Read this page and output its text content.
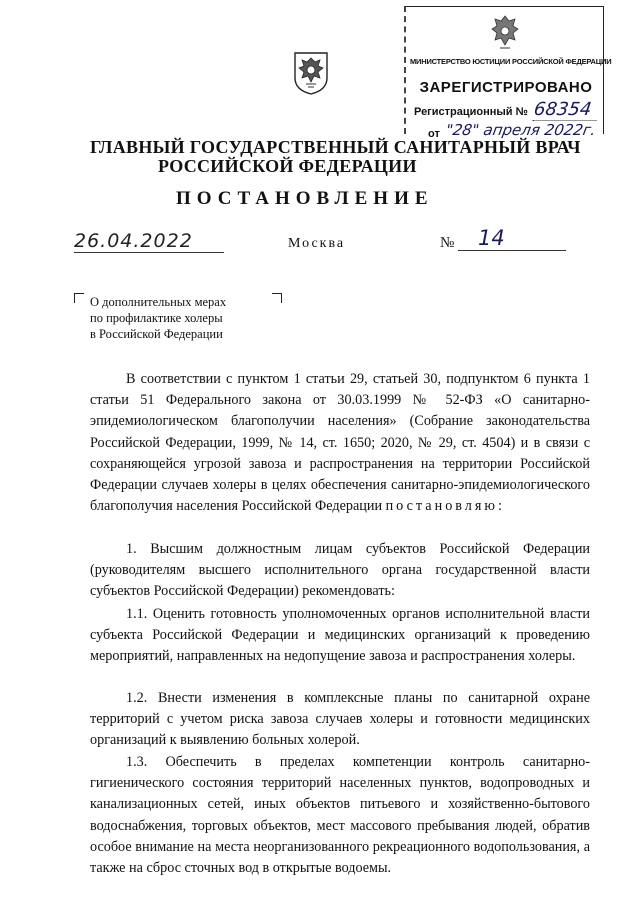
МИНИСТЕРСТВО ЮСТИЦИИ РОССИЙСКОЙ ФЕДЕРАЦИИ
ЗАРЕГИСТРИРОВАНО
Регистрационный № 68354
от "28" апреля 2022г.
ГЛАВНЫЙ ГОСУДАРСТВЕННЫЙ САНИТАРНЫЙ ВРАЧ
РОССИЙСКОЙ ФЕДЕРАЦИИ
ПОСТАНОВЛЕНИЕ
26.04.2022	Москва	№	14
О дополнительных мерах
по профилактике холеры
в Российской Федерации

В соответствии с пунктом 1 статьи 29, статьей 30, подпунктом 6 пункта 1 статьи 51 Федерального закона от 30.03.1999 № 52-ФЗ «О санитарно-эпидемиологическом благополучии населения» (Собрание законодательства Российской Федерации, 1999, № 14, ст. 1650; 2020, № 29, ст. 4504) и в связи с сохраняющейся угрозой завоза и распространения на территории Российской Федерации случаев холеры в целях обеспечения санитарно-эпидемиологического благополучия населения Российской Федерации постановляю:

1. Высшим должностным лицам субъектов Российской Федерации (руководителям высшего исполнительного органа государственной власти субъектов Российской Федерации) рекомендовать:

1.1. Оценить готовность уполномоченных органов исполнительной власти субъекта Российской Федерации и медицинских организаций к проведению мероприятий, направленных на недопущение завоза и распространения холеры.

1.2. Внести изменения в комплексные планы по санитарной охране территорий с учетом риска завоза случаев холеры и готовности медицинских организаций к выявлению больных холерой.

1.3. Обеспечить в пределах компетенции контроль санитарно-гигиенического состояния территорий населенных пунктов, водопроводных и канализационных сетей, иных объектов питьевого и хозяйственно-бытового водоснабжения, торговых объектов, мест массового пребывания людей, обратив особое внимание на места неорганизованного рекреационного водопользования, а также на сброс сточных вод в открытые водоемы.
